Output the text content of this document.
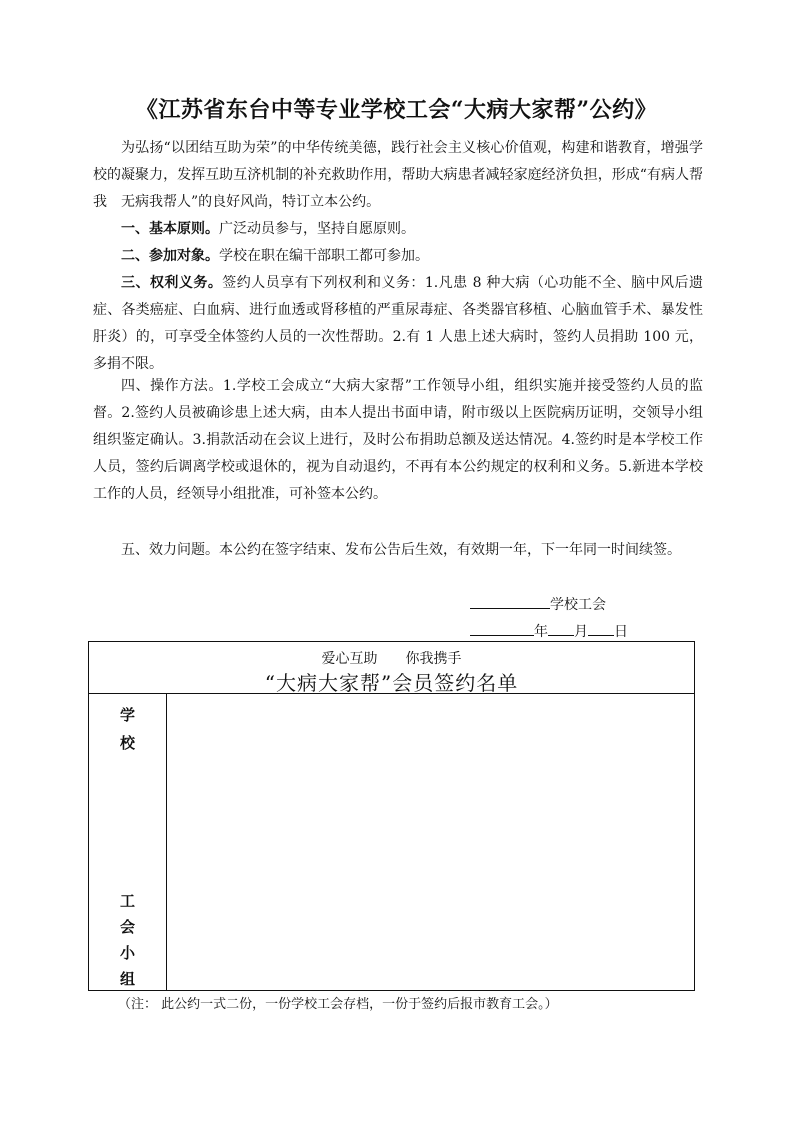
《江苏省东台中等专业学校工会“大病大家帮”公约》
为弘扬“以团结互助为荣”的中华传统美德，践行社会主义核心价值观，构建和谐教育，增强学校的凝聚力，发挥互助互济机制的补充救助作用，帮助大病患者减轻家庭经济负担，形成“有病人帮我　无病我帮人”的良好风尚，特订立本公约。
一、基本原则。广泛动员参与，坚持自愿原则。
二、参加对象。学校在职在编干部职工都可参加。
三、权利义务。签约人员享有下列权利和义务：1.凡患 8 种大病（心功能不全、脑中风后遗症、各类癌症、白血病、进行血透或肾移植的严重尿毒症、各类器官移植、心脑血管手术、暴发性肝炎）的，可享受全体签约人员的一次性帮助。2.有 1 人患上述大病时，签约人员捐助 100 元，多捐不限。
四、操作方法。1.学校工会成立“大病大家帮”工作领导小组，组织实施并接受签约人员的监督。2.签约人员被确诊患上述大病，由本人提出书面申请，附市级以上医院病历证明，交领导小组组织鉴定确认。3.捐款活动在会议上进行，及时公布捐助总额及送达情况。4.签约时是本学校工作人员，签约后调离学校或退休的，视为自动退约，不再有本公约规定的权利和义务。5.新进本学校工作的人员，经领导小组批准，可补签本公约。
五、效力问题。本公约在签字结束、发布公告后生效，有效期一年，下一年同一时间续签。
学校工会
年 月 日
爱心互助　　你我携手
“大病大家帮”会员签约名单
学
校
工
会
小
组
（注： 此公约一式二份，一份学校工会存档，一份于签约后报市教育工会。）
